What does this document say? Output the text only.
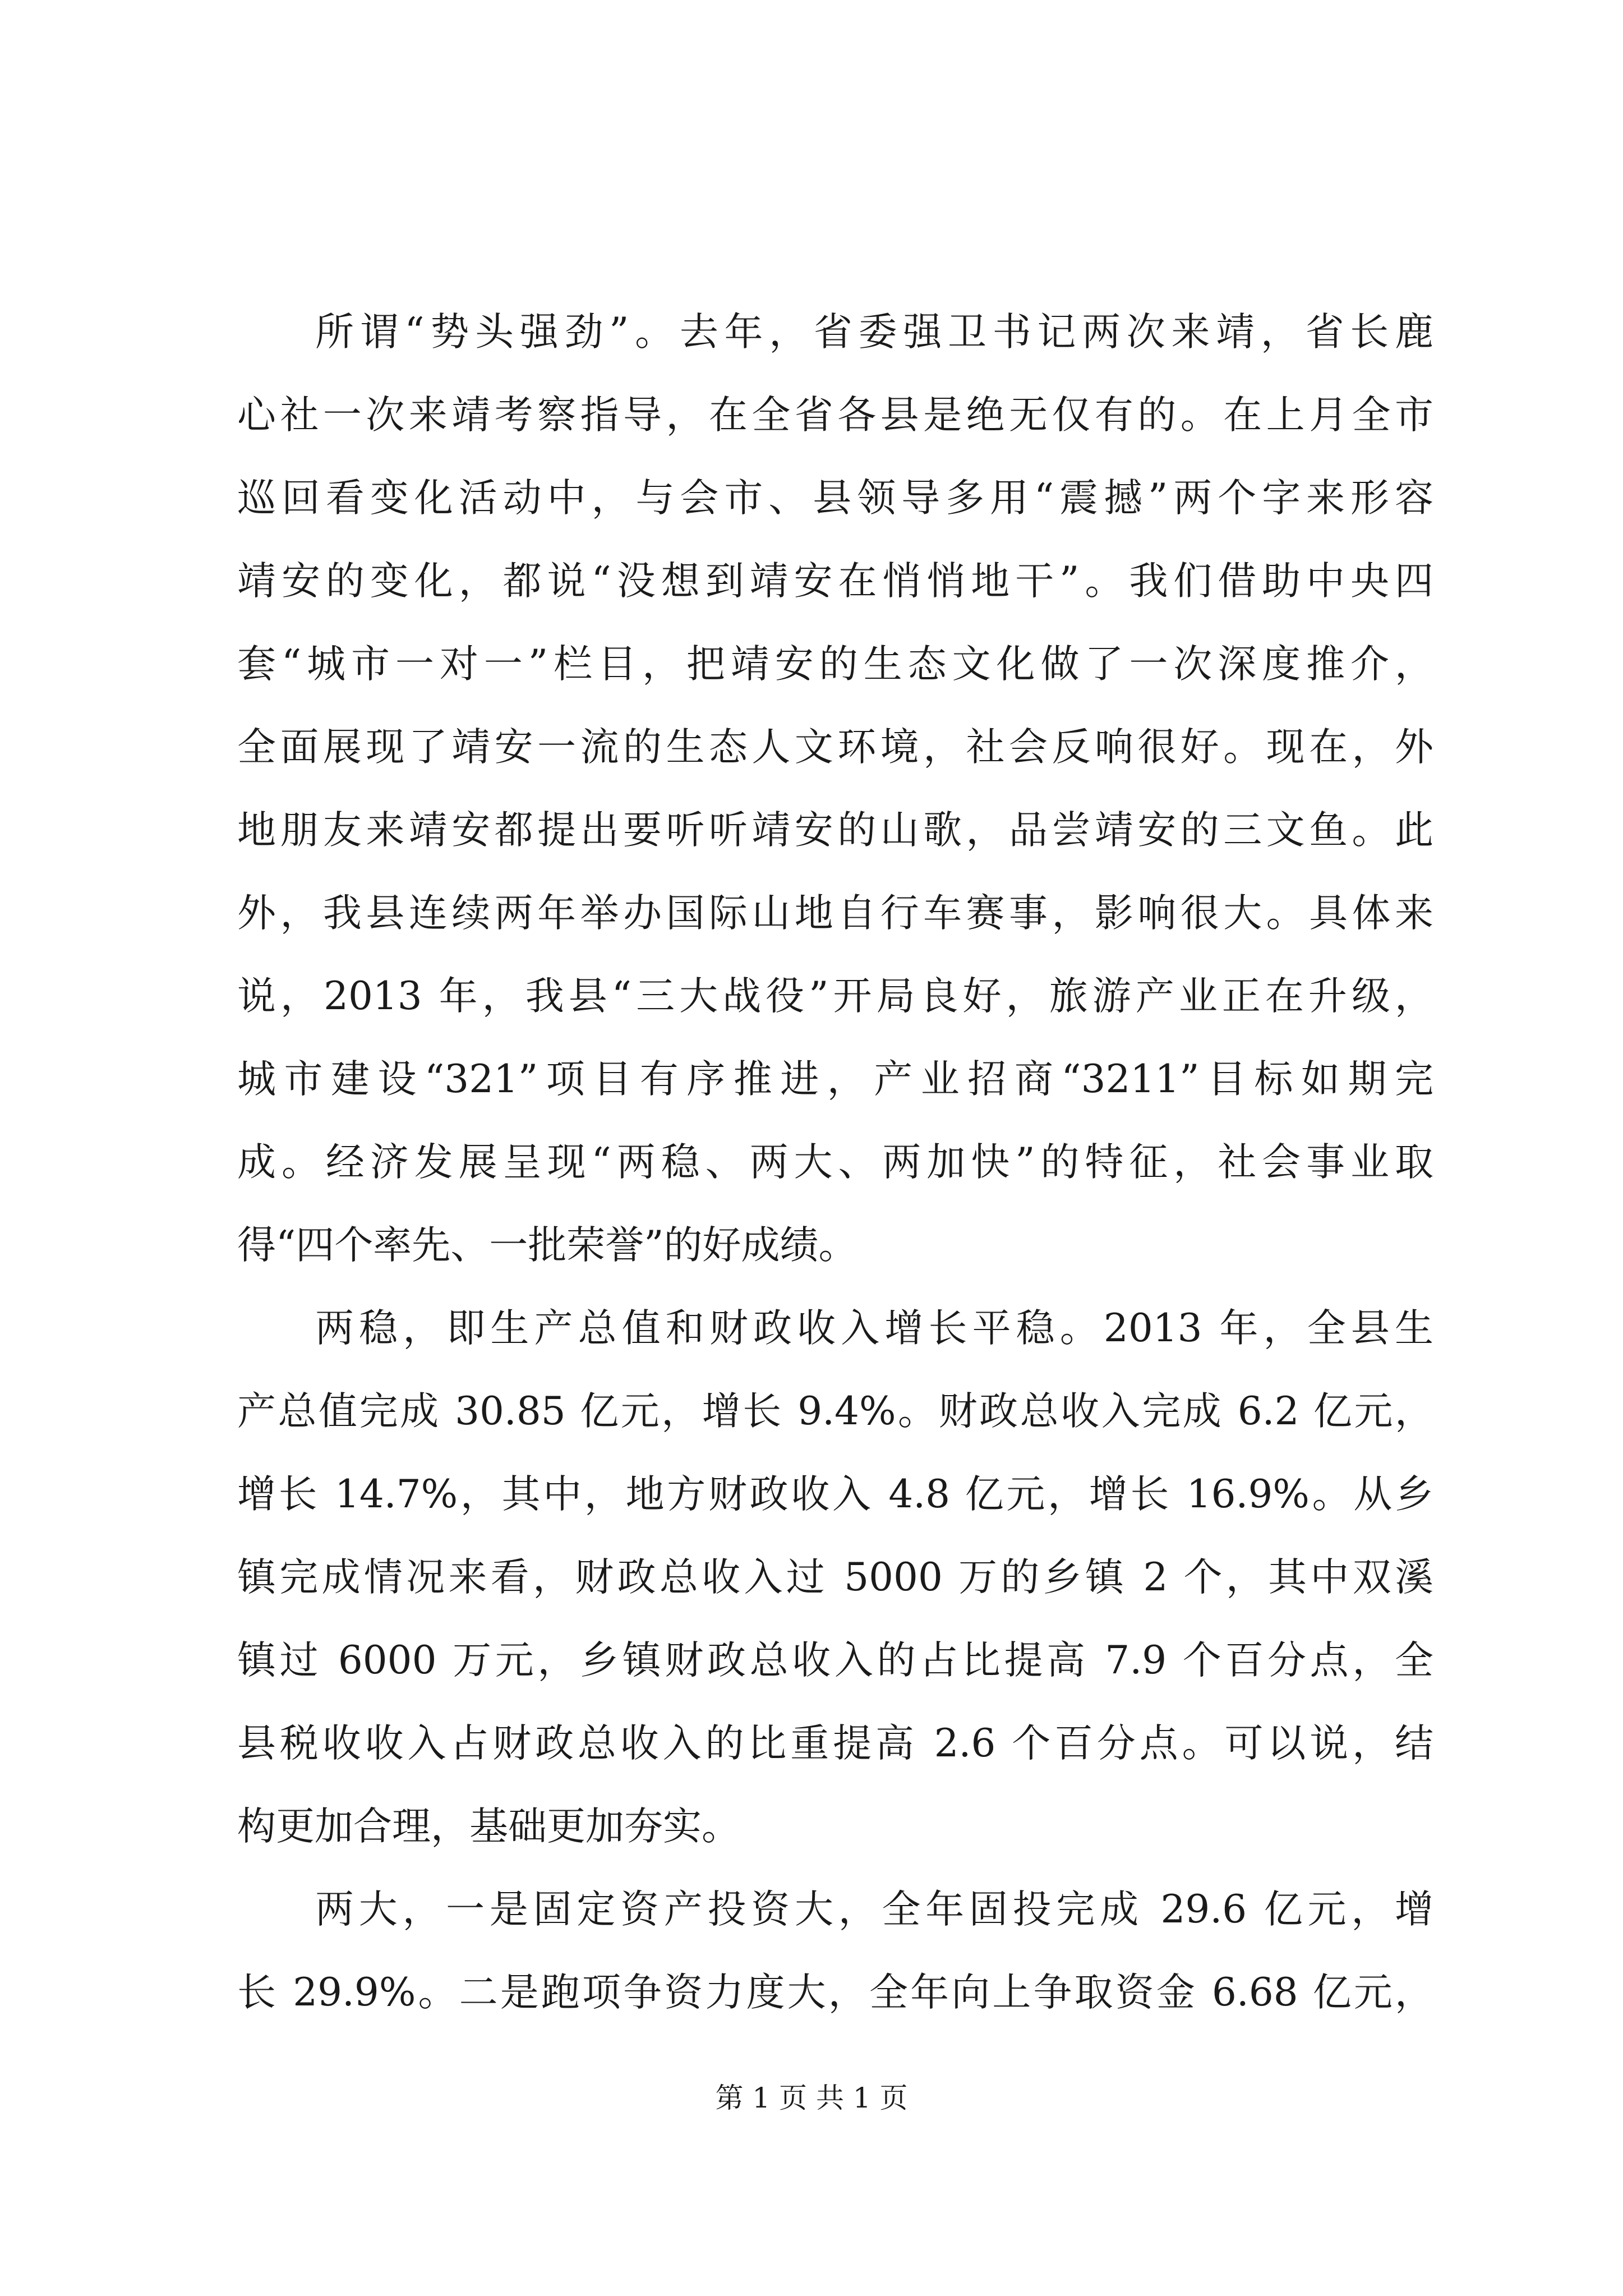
所谓“势头强劲”。去年，省委强卫书记两次来靖，省长鹿
心社一次来靖考察指导，在全省各县是绝无仅有的。在上月全市
巡回看变化活动中，与会市、县领导多用“震撼”两个字来形容
靖安的变化，都说“没想到靖安在悄悄地干”。我们借助中央四
套“城市一对一”栏目，把靖安的生态文化做了一次深度推介，
全面展现了靖安一流的生态人文环境，社会反响很好。现在，外
地朋友来靖安都提出要听听靖安的山歌，品尝靖安的三文鱼。此
外，我县连续两年举办国际山地自行车赛事，影响很大。具体来
说，2013 年，我县“三大战役”开局良好，旅游产业正在升级，
城市建设“321”项目有序推进，产业招商“3211”目标如期完
成。经济发展呈现“两稳、两大、两加快”的特征，社会事业取
得“四个率先、一批荣誉”的好成绩。
两稳，即生产总值和财政收入增长平稳。2013 年，全县生
产总值完成 30.85 亿元，增长 9.4%。财政总收入完成 6.2 亿元，
增长 14.7%，其中，地方财政收入 4.8 亿元，增长 16.9%。从乡
镇完成情况来看，财政总收入过 5000 万的乡镇 2 个，其中双溪
镇过 6000 万元，乡镇财政总收入的占比提高 7.9 个百分点，全
县税收收入占财政总收入的比重提高 2.6 个百分点。可以说，结
构更加合理，基础更加夯实。
两大，一是固定资产投资大，全年固投完成 29.6 亿元，增
长 29.9%。二是跑项争资力度大，全年向上争取资金 6.68 亿元，
第 1 页 共 1 页
